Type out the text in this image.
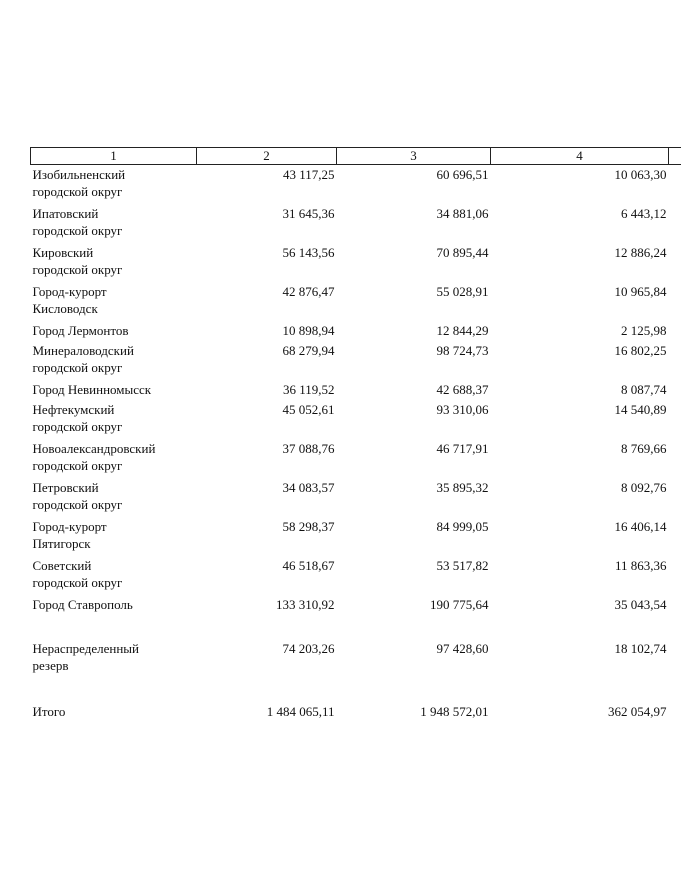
1	2	3	4	
Изобильненский
городской округ	43 117,25	60 696,51	10 063,30	
Ипатовский
городской округ	31 645,36	34 881,06	6 443,12	
Кировский
городской округ	56 143,56	70 895,44	12 886,24	
Город-курорт
Кисловодск	42 876,47	55 028,91	10 965,84	
Город Лермонтов	10 898,94	12 844,29	2 125,98	
Минераловодский
городской округ	68 279,94	98 724,73	16 802,25	
Город Невинномысск	36 119,52	42 688,37	8 087,74	
Нефтекумский
городской округ	45 052,61	93 310,06	14 540,89	
Новоалександровский
городской округ	37 088,76	46 717,91	8 769,66	
Петровский
городской округ	34 083,57	35 895,32	8 092,76	
Город-курорт
Пятигорск	58 298,37	84 999,05	16 406,14	
Советский
городской округ	46 518,67	53 517,82	11 863,36	
Город Ставрополь	133 310,92	190 775,64	35 043,54	

Нераспределенный
резерв	74 203,26	97 428,60	18 102,74	

Итого	1 484 065,11	1 948 572,01	362 054,97	
